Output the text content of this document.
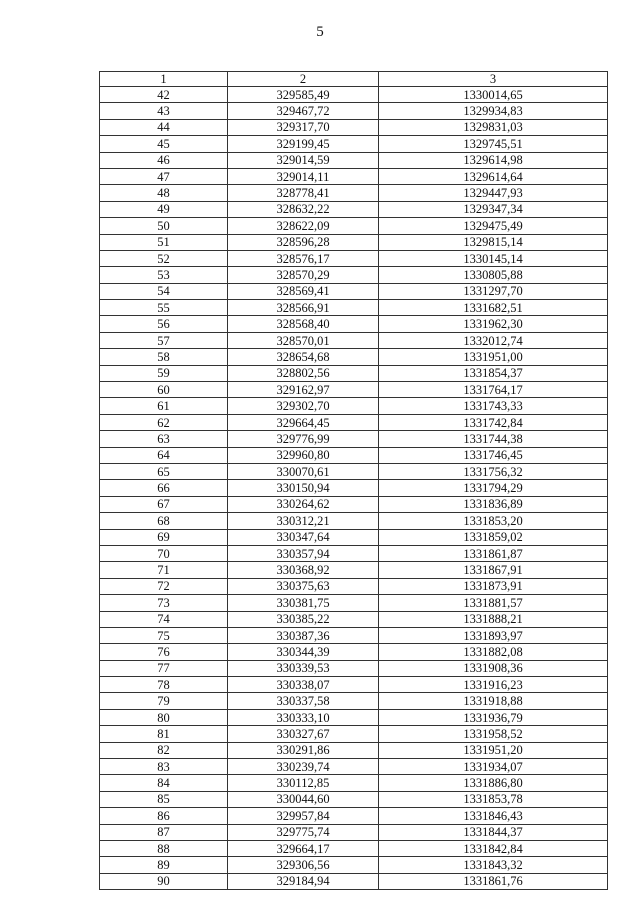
5
1	2	3
42	329585,49	1330014,65
43	329467,72	1329934,83
44	329317,70	1329831,03
45	329199,45	1329745,51
46	329014,59	1329614,98
47	329014,11	1329614,64
48	328778,41	1329447,93
49	328632,22	1329347,34
50	328622,09	1329475,49
51	328596,28	1329815,14
52	328576,17	1330145,14
53	328570,29	1330805,88
54	328569,41	1331297,70
55	328566,91	1331682,51
56	328568,40	1331962,30
57	328570,01	1332012,74
58	328654,68	1331951,00
59	328802,56	1331854,37
60	329162,97	1331764,17
61	329302,70	1331743,33
62	329664,45	1331742,84
63	329776,99	1331744,38
64	329960,80	1331746,45
65	330070,61	1331756,32
66	330150,94	1331794,29
67	330264,62	1331836,89
68	330312,21	1331853,20
69	330347,64	1331859,02
70	330357,94	1331861,87
71	330368,92	1331867,91
72	330375,63	1331873,91
73	330381,75	1331881,57
74	330385,22	1331888,21
75	330387,36	1331893,97
76	330344,39	1331882,08
77	330339,53	1331908,36
78	330338,07	1331916,23
79	330337,58	1331918,88
80	330333,10	1331936,79
81	330327,67	1331958,52
82	330291,86	1331951,20
83	330239,74	1331934,07
84	330112,85	1331886,80
85	330044,60	1331853,78
86	329957,84	1331846,43
87	329775,74	1331844,37
88	329664,17	1331842,84
89	329306,56	1331843,32
90	329184,94	1331861,76
